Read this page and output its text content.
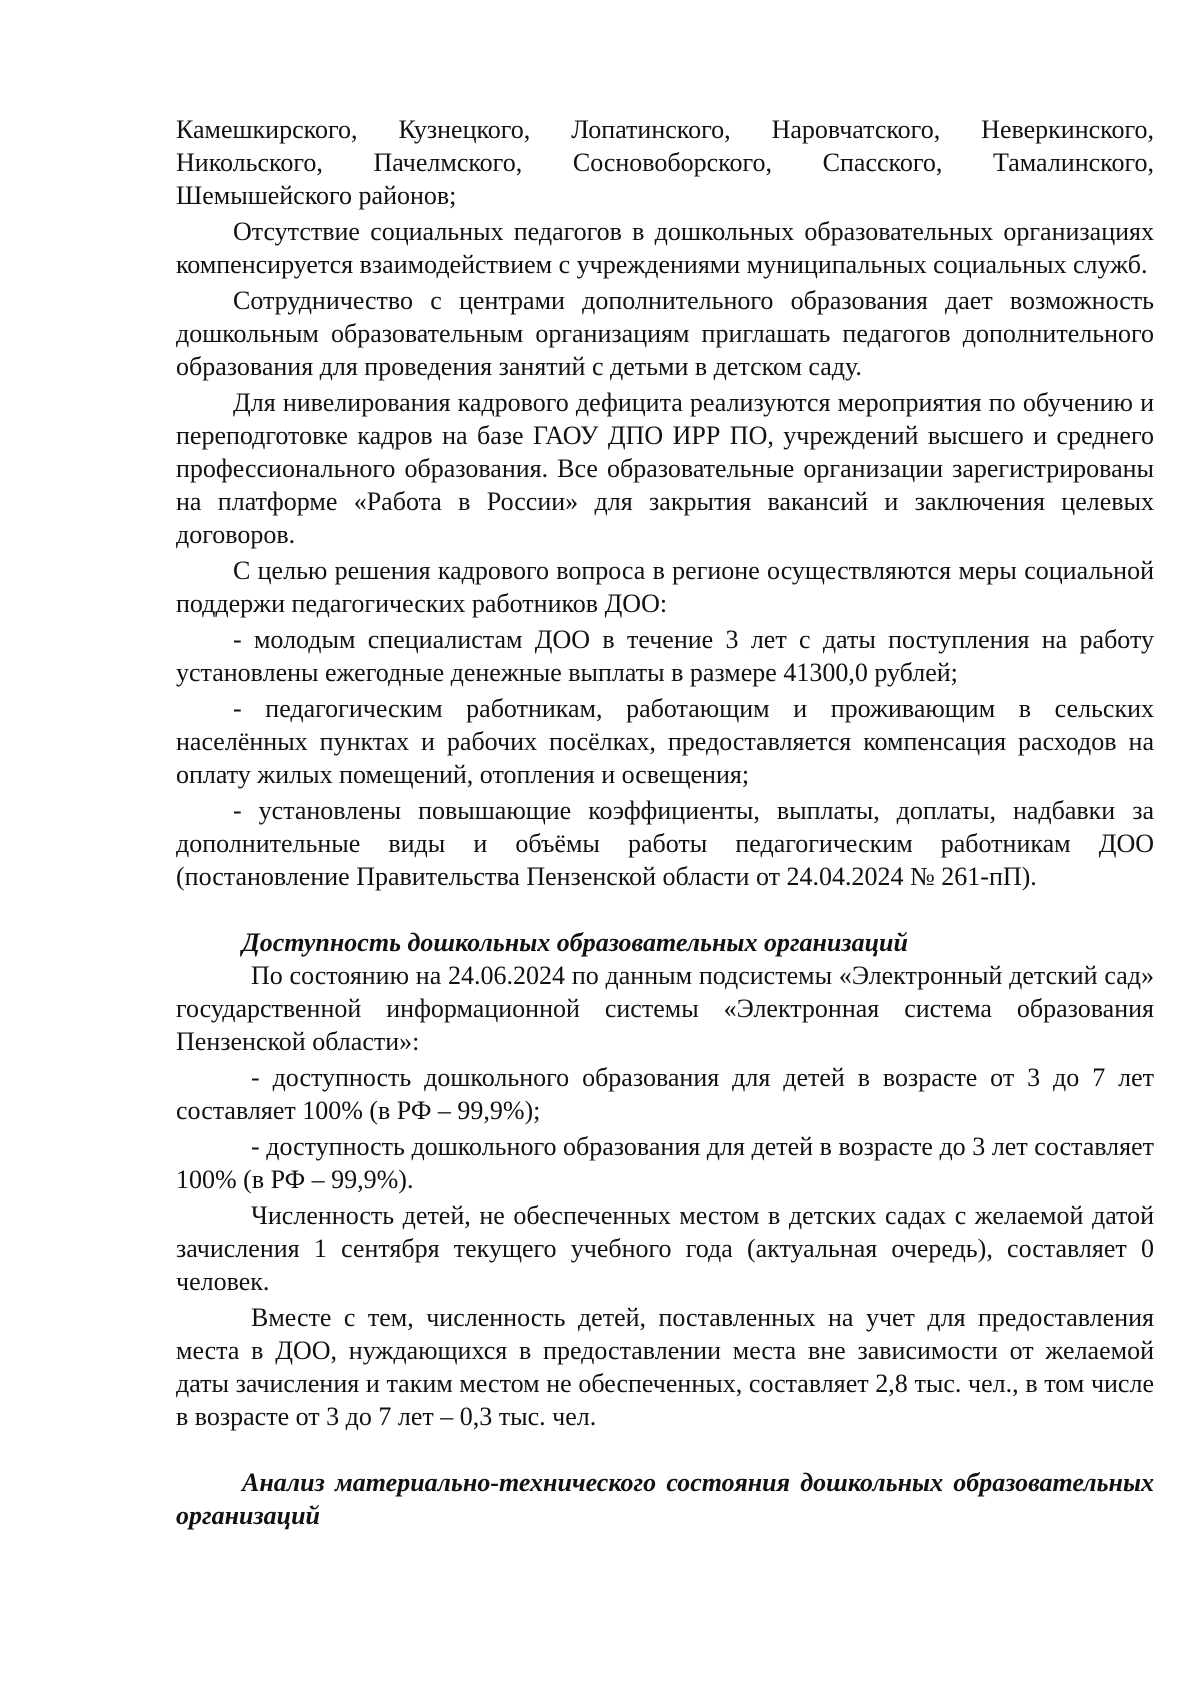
Камешкирского, Кузнецкого, Лопатинского, Наровчатского, Неверкинского, Никольского, Пачелмского, Сосновоборского, Спасского, Тамалинского, Шемышейского районов;

Отсутствие социальных педагогов в дошкольных образовательных организациях компенсируется взаимодействием с учреждениями муниципальных социальных служб.

Сотрудничество с центрами дополнительного образования дает возможность дошкольным образовательным организациям приглашать педагогов дополнительного образования для проведения занятий с детьми в детском саду.

Для нивелирования кадрового дефицита реализуются мероприятия по обучению и переподготовке кадров на базе ГАОУ ДПО ИРР ПО, учреждений высшего и среднего профессионального образования. Все образовательные организации зарегистрированы на платформе «Работа в России» для закрытия вакансий и заключения целевых договоров.

С целью решения кадрового вопроса в регионе осуществляются меры социальной поддержи педагогических работников ДОО:

- молодым специалистам ДОО в течение 3 лет с даты поступления на работу установлены ежегодные денежные выплаты в размере 41300,0 рублей;

- педагогическим работникам, работающим и проживающим в сельских населённых пунктах и рабочих посёлках, предоставляется компенсация расходов на оплату жилых помещений, отопления и освещения;

- установлены повышающие коэффициенты, выплаты, доплаты, надбавки за дополнительные виды и объёмы работы педагогическим работникам ДОО (постановление Правительства Пензенской области от 24.04.2024 № 261-пП).

Доступность дошкольных образовательных организаций

По состоянию на 24.06.2024 по данным подсистемы «Электронный детский сад» государственной информационной системы «Электронная система образования Пензенской области»:

- доступность дошкольного образования для детей в возрасте от 3 до 7 лет составляет 100% (в РФ – 99,9%);

- доступность дошкольного образования для детей в возрасте до 3 лет составляет 100% (в РФ – 99,9%).

Численность детей, не обеспеченных местом в детских садах с желаемой датой зачисления 1 сентября текущего учебного года (актуальная очередь), составляет 0 человек.

Вместе с тем, численность детей, поставленных на учет для предоставления места в ДОО, нуждающихся в предоставлении места вне зависимости от желаемой даты зачисления и таким местом не обеспеченных, составляет 2,8 тыс. чел., в том числе в возрасте от 3 до 7 лет – 0,3 тыс. чел.

Анализ материально-технического состояния дошкольных образовательных организаций
